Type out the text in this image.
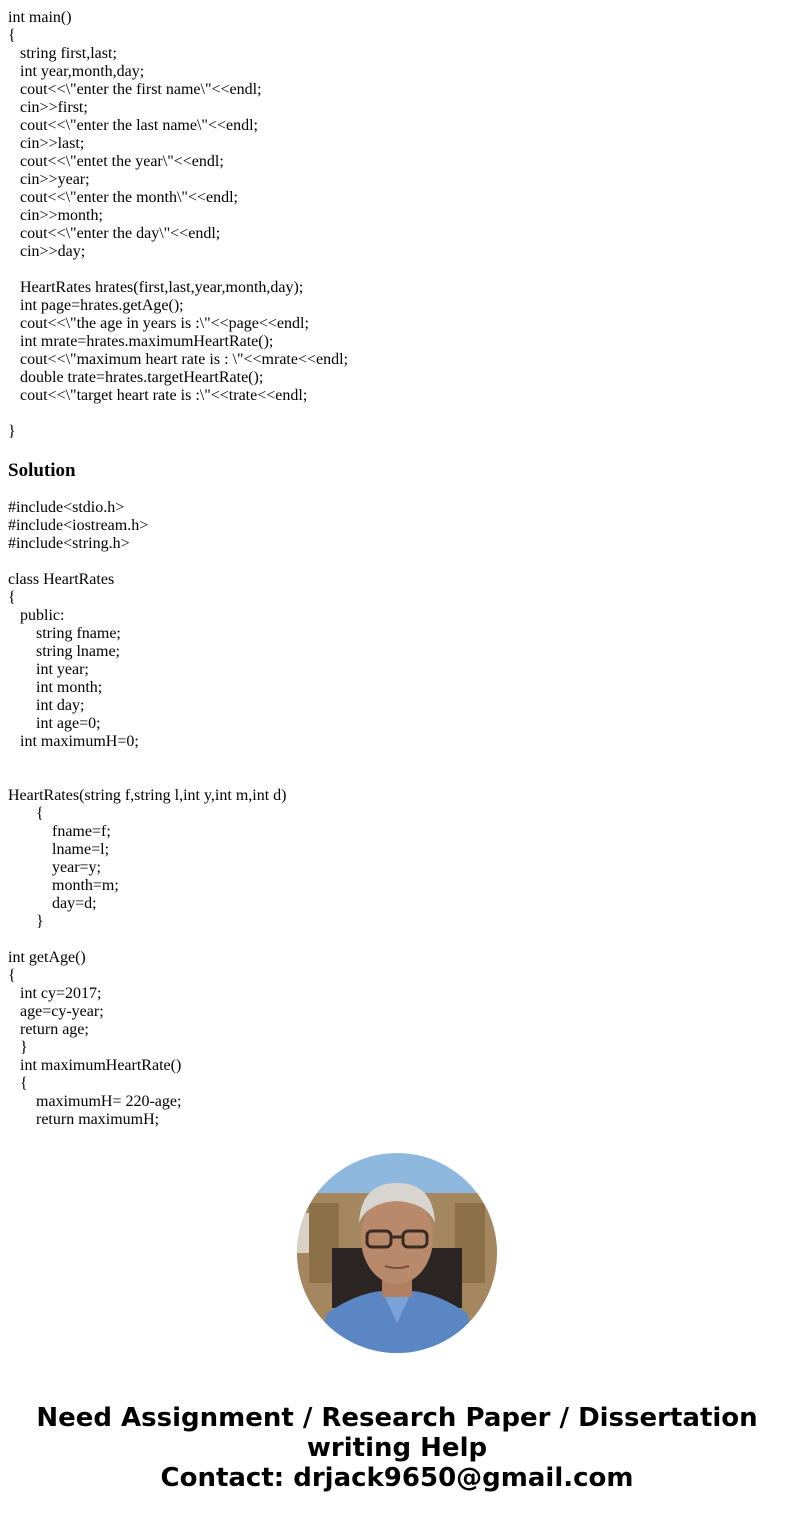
int main()
{
string first,last;
int year,month,day;
cout<<\"enter the first name\"<<endl;
cin>>first;
cout<<\"enter the last name\"<<endl;
cin>>last;
cout<<\"entet the year\"<<endl;
cin>>year;
cout<<\"enter the month\"<<endl;
cin>>month;
cout<<\"enter the day\"<<endl;
cin>>day;
HeartRates hrates(first,last,year,month,day);
int page=hrates.getAge();
cout<<\"the age in years is :\"<<page<<endl;
int mrate=hrates.maximumHeartRate();
cout<<\"maximum heart rate is : \"<<mrate<<endl;
double trate=hrates.targetHeartRate();
cout<<\"target heart rate is :\"<<trate<<endl;
}
Solution
#include<stdio.h>
#include<iostream.h>
#include<string.h>
class HeartRates
{
public:
string fname;
string lname;
int year;
int month;
int day;
int age=0;
int maximumH=0;
HeartRates(string f,string l,int y,int m,int d)
{
fname=f;
lname=l;
year=y;
month=m;
day=d;
}
int getAge()
{
int cy=2017;
age=cy-year;
return age;
}
int maximumHeartRate()
{
maximumH= 220-age;
return maximumH;

Need Assignment / Research Paper / Dissertation
writing Help
Contact: drjack9650@gmail.com
